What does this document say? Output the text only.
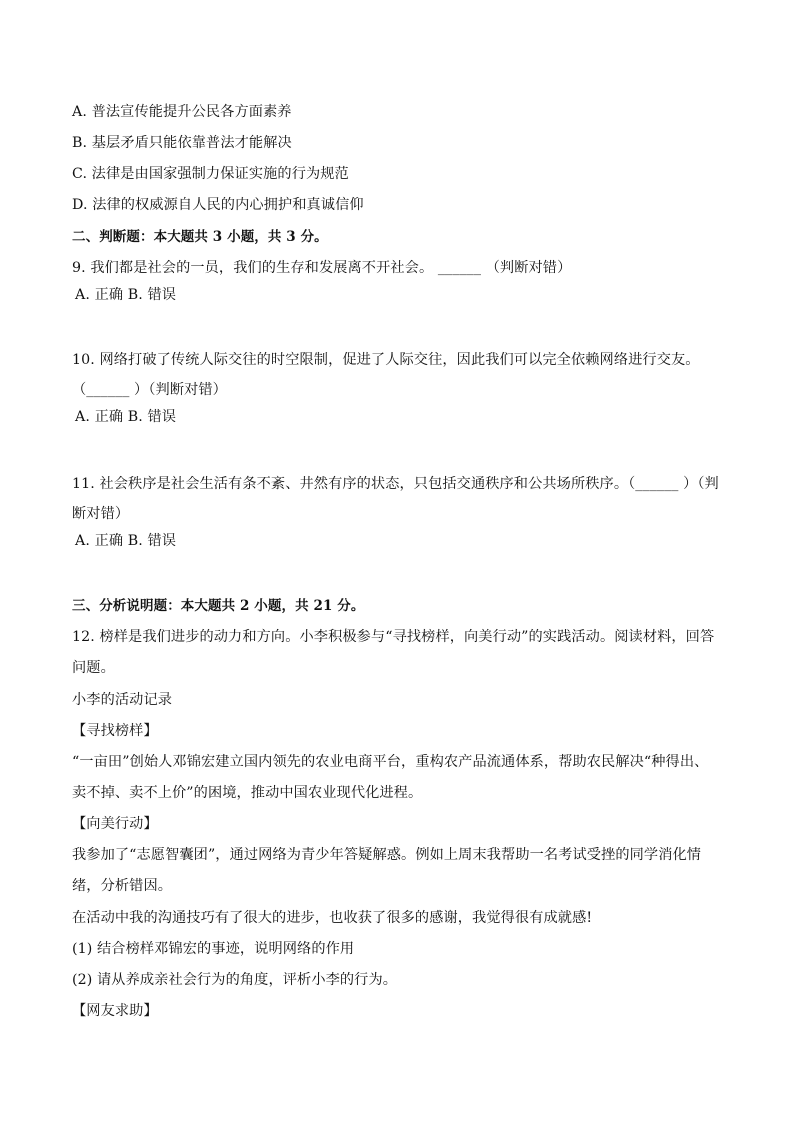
A. 普法宣传能提升公民各方面素养

B. 基层矛盾只能依靠普法才能解决

C. 法律是由国家强制力保证实施的行为规范

D. 法律的权威源自人民的内心拥护和真诚信仰

二、判断题：本大题共 3 小题，共 3 分。

9. 我们都是社会的一员，我们的生存和发展离不开社会。 ______ （判断对错）

A. 正确 B. 错误

10. 网络打破了传统人际交往的时空限制，促进了人际交往，因此我们可以完全依赖网络进行交友。

（______ ）（判断对错）

A. 正确 B. 错误

11. 社会秩序是社会生活有条不紊、井然有序的状态，只包括交通秩序和公共场所秩序。（______ ）（判

断对错）

A. 正确 B. 错误

三、分析说明题：本大题共 2 小题，共 21 分。

12. 榜样是我们进步的动力和方向。小李积极参与“寻找榜样，向美行动”的实践活动。阅读材料，回答

问题。

小李的活动记录

【寻找榜样】

“一亩田”创始人邓锦宏建立国内领先的农业电商平台，重构农产品流通体系，帮助农民解决“种得出、

卖不掉、卖不上价”的困境，推动中国农业现代化进程。

【向美行动】

我参加了“志愿智囊团”，通过网络为青少年答疑解惑。例如上周末我帮助一名考试受挫的同学消化情

绪，分析错因。

在活动中我的沟通技巧有了很大的进步，也收获了很多的感谢，我觉得很有成就感!

(1) 结合榜样邓锦宏的事迹，说明网络的作用

(2) 请从养成亲社会行为的角度，评析小李的行为。

【网友求助】
